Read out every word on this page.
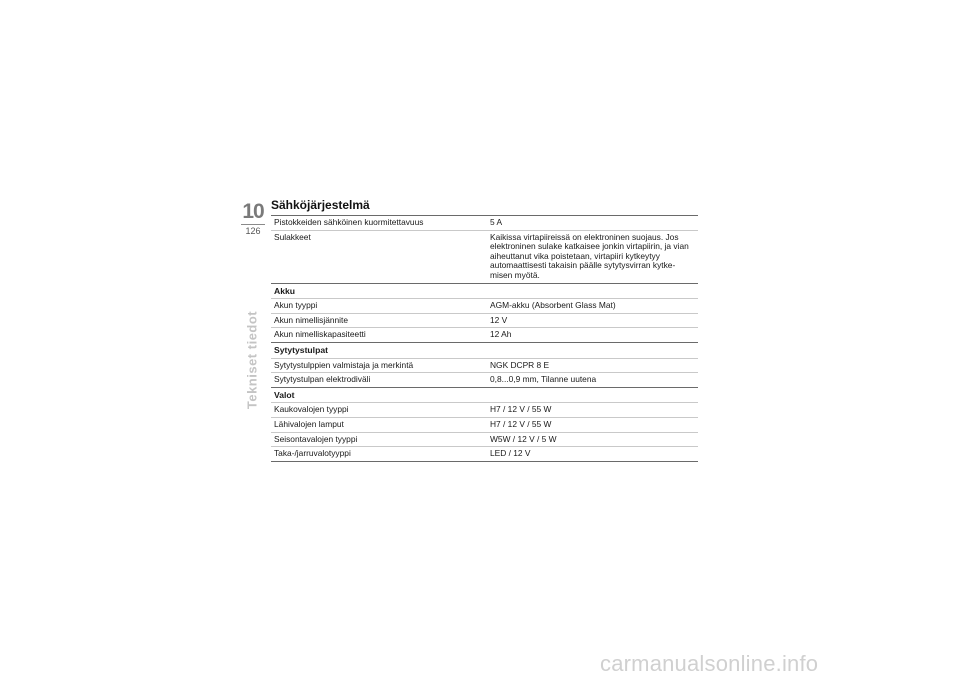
10
126
Tekniset tiedot
Sähköjärjestelmä
Pistokkeiden sähköinen kuormitettavuus	5 A
Sulakkeet	Kaikissa virtapiireissä on elektroninen suojaus. Jos elektroninen sulake katkaisee jonkin virtapiirin, ja vian aiheuttanut vika poistetaan, virtapiiri kytkeytyy automaattisesti takaisin päälle sytytysvirran kytke-misen myötä.
Akku
Akun tyyppi	AGM-akku (Absorbent Glass Mat)
Akun nimellisjännite	12 V
Akun nimelliskapasiteetti	12 Ah
Sytytystulpat
Sytytystulppien valmistaja ja merkintä	NGK DCPR 8 E
Sytytystulpan elektrodiväli	0,8...0,9 mm, Tilanne uutena
Valot
Kaukovalojen tyyppi	H7 / 12 V / 55 W
Lähivalojen lamput	H7 / 12 V / 55 W
Seisontavalojen tyyppi	W5W / 12 V / 5 W
Taka-/jarruvalotyyppi	LED / 12 V
carmanualsonline.info
